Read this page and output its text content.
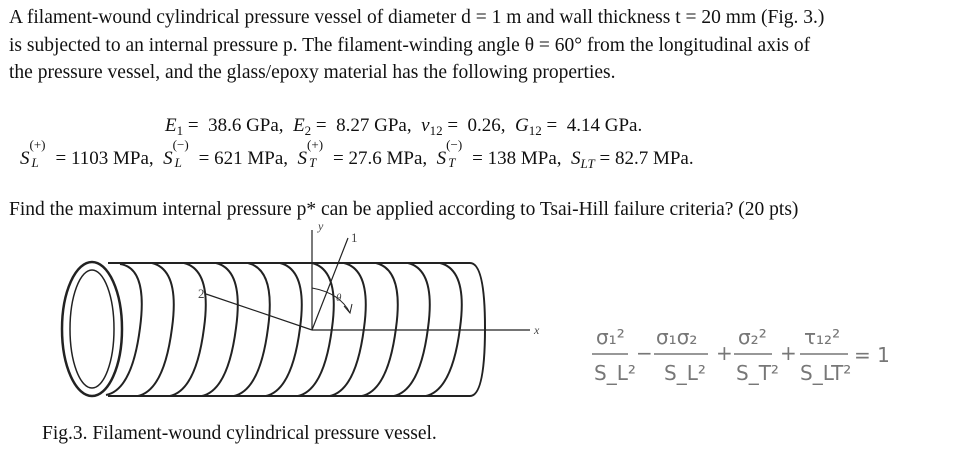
A filament-wound cylindrical pressure vessel of diameter d = 1 m and wall thickness t = 20 mm (Fig. 3.)
is subjected to an internal pressure p. The filament-winding angle θ = 60° from the longitudinal axis of
the pressure vessel, and the glass/epoxy material has the following properties.
$E_1 = 38.6$ GPa, $E_2 = 8.27$ GPa, $\nu_{12} = 0.26$, $G_{12} = 4.14$ GPa.
S
(+)
L = 1103 MPa, S
(−)
L = 621 MPa, S
(+)
T = 27.6 MPa, S
(−)
T = 138 MPa, $S_{LT} = 82.7$ MPa.
Find the maximum internal pressure p* can be applied according to Tsai-Hill failure criteria? (20 pts)
y
1
2	θ
x	σ₁²
S_L²
−
σ₁σ₂
S_L²
+
σ₂²
S_T²
+
τ₁₂²
S_LT²
= 1
Fig.3. Filament-wound cylindrical pressure vessel.
